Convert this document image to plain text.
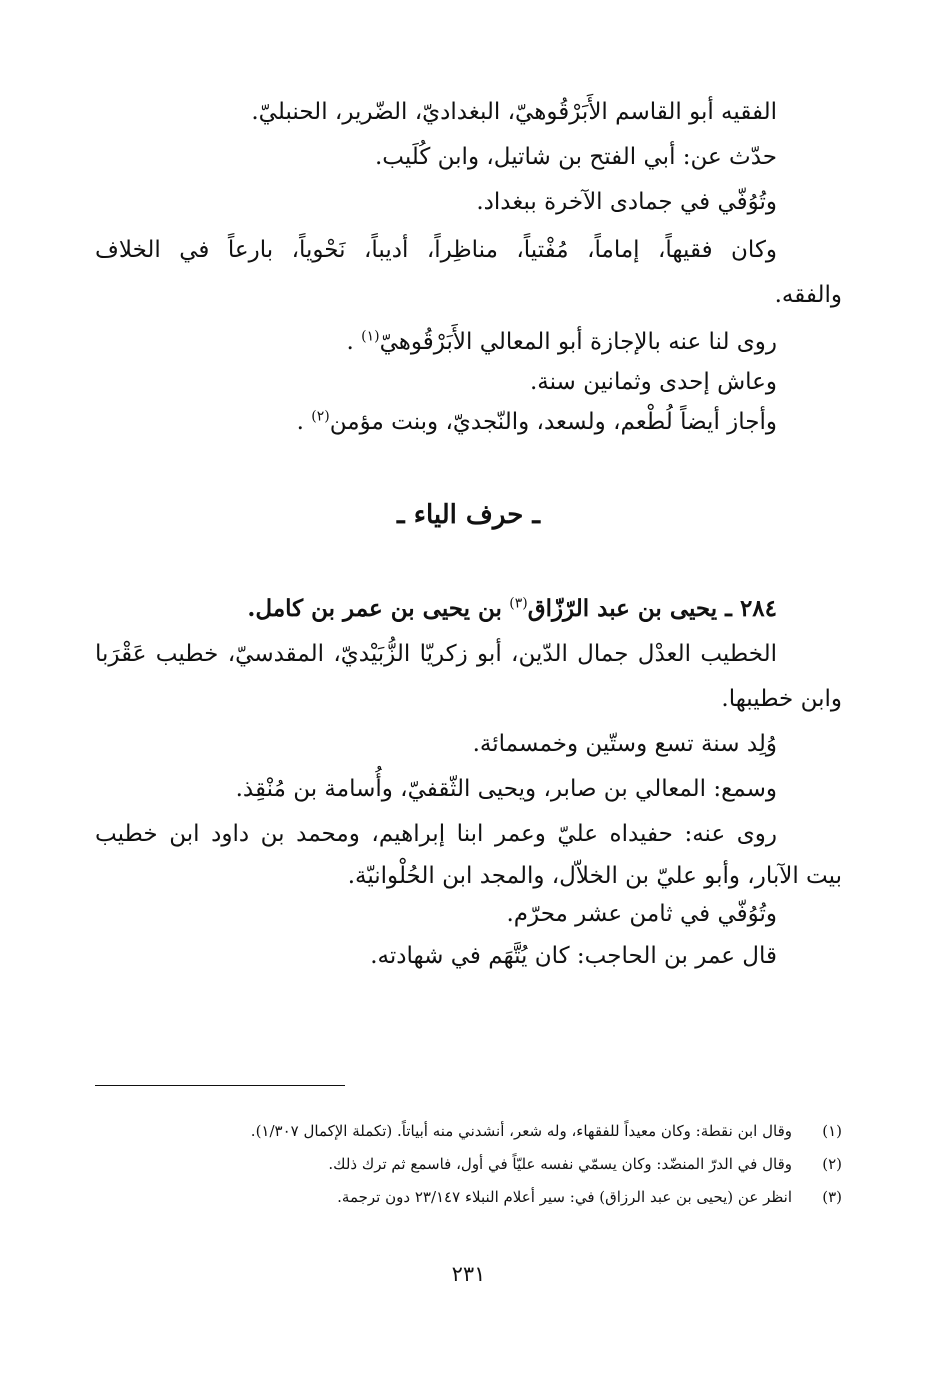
الفقيه أبو القاسم الأَبَرْقُوهيّ، البغداديّ، الضّرير، الحنبليّ.
حدّث عن: أبي الفتح بن شاتيل، وابن كُلَيب.
وتُوُفّي في جمادى الآخرة ببغداد.
وكان فقيهاً، إماماً، مُفْتياً، مناظِراً، أديباً، نَحْوياً، بارعاً في الخلاف
والفقه.
روى لنا عنه بالإجازة أبو المعالي الأَبَرْقُوهيّ$^{(١)}$ .
وعاش إحدى وثمانين سنة.
وأجاز أيضاً لُطْعم، ولسعد، والنّجديّ، وبنت مؤمن$^{(٢)}$ .
ـ حرف الياء ـ
٢٨٤ ـ يحيى بن عبد الرّزّاق$^{(٣)}$ بن يحيى بن عمر بن كامل.
الخطيب العدْل جمال الدّين، أبو زكريّا الزُّبَيْديّ، المقدسيّ، خطيب عَقْرَبا
وابن خطيبها.
وُلِد سنة تسع وستّين وخمسمائة.
وسمع: المعالي بن صابر، ويحيى الثّقفيّ، وأُسامة بن مُنْقِذ.
روى عنه: حفيداه عليّ وعمر ابنا إبراهيم، ومحمد بن داود ابن خطيب
بيت الآبار، وأبو عليّ بن الخلاّل، والمجد ابن الحُلْوانيّة.
وتُوُفّي في ثامن عشر محرّم.
قال عمر بن الحاجب: كان يُتَّهَم في شهادته.
(١)
وقال ابن نقطة: وكان معيداً للفقهاء، وله شعر، أنشدني منه أبياتاً. (تكملة الإكمال ١/٣٠٧).
(٢)
وقال في الدرّ المنضّد: وكان يسمّي نفسه عليّاً في أول، فاسمع ثم ترك ذلك.
(٣)
انظر عن (يحيى بن عبد الرزاق) في: سير أعلام النبلاء ٢٣/١٤٧ دون ترجمة.
٢٣١
